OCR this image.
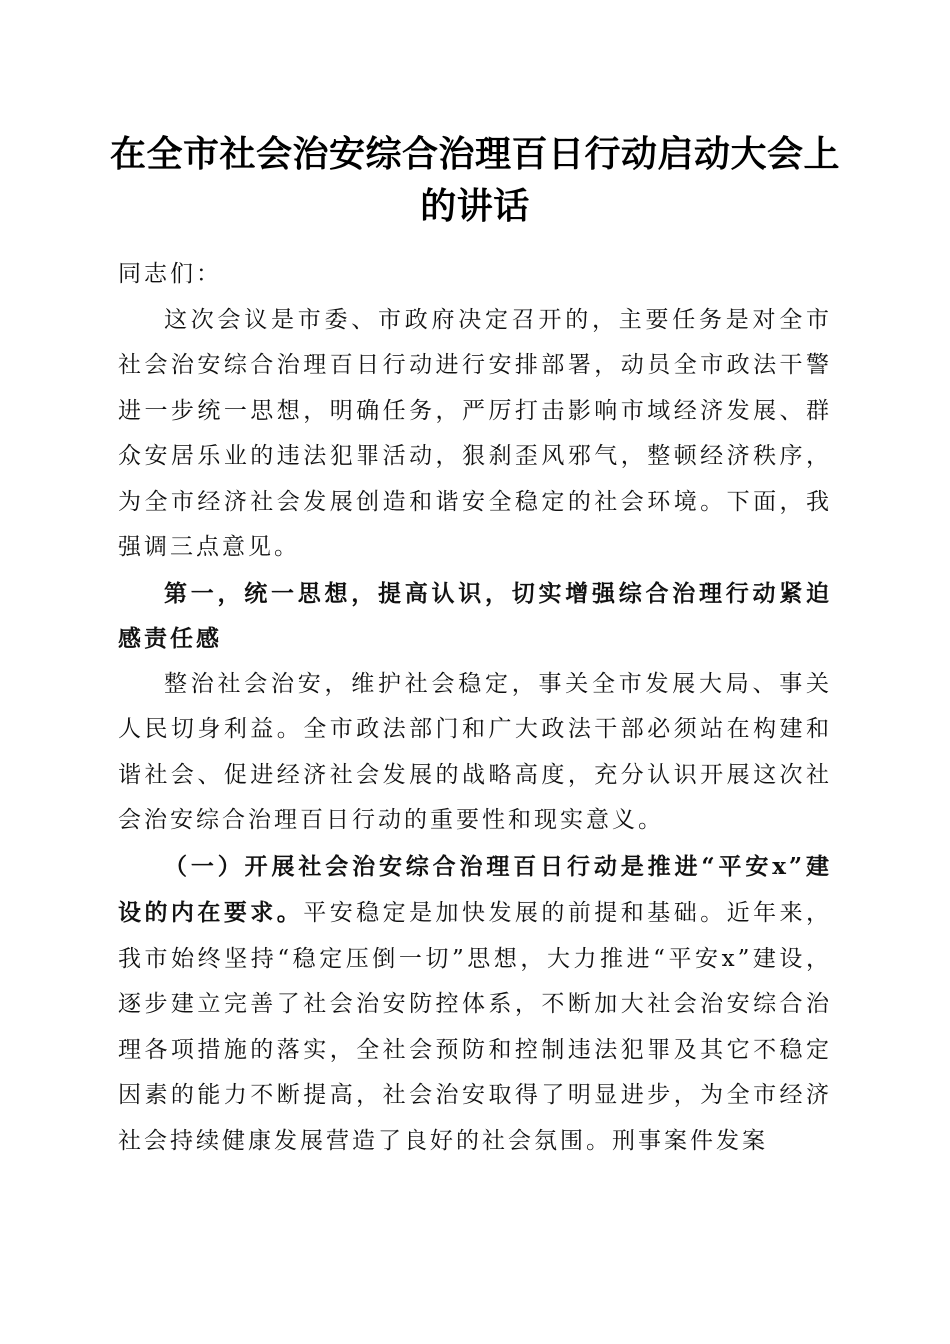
在全市社会治安综合治理百日行动启动大会上的讲话

同志们：

这次会议是市委、市政府决定召开的，主要任务是对全市社会治安综合治理百日行动进行安排部署，动员全市政法干警进一步统一思想，明确任务，严厉打击影响市域经济发展、群众安居乐业的违法犯罪活动，狠刹歪风邪气，整顿经济秩序，为全市经济社会发展创造和谐安全稳定的社会环境。下面，我强调三点意见。

第一，统一思想，提高认识，切实增强综合治理行动紧迫感责任感

整治社会治安，维护社会稳定，事关全市发展大局、事关人民切身利益。全市政法部门和广大政法干部必须站在构建和谐社会、促进经济社会发展的战略高度，充分认识开展这次社会治安综合治理百日行动的重要性和现实意义。

（一）开展社会治安综合治理百日行动是推进“平安x”建设的内在要求。平安稳定是加快发展的前提和基础。近年来，我市始终坚持“稳定压倒一切”思想，大力推进“平安x”建设，逐步建立完善了社会治安防控体系，不断加大社会治安综合治理各项措施的落实，全社会预防和控制违法犯罪及其它不稳定因素的能力不断提高，社会治安取得了明显进步，为全市经济社会持续健康发展营造了良好的社会氛围。刑事案件发案
